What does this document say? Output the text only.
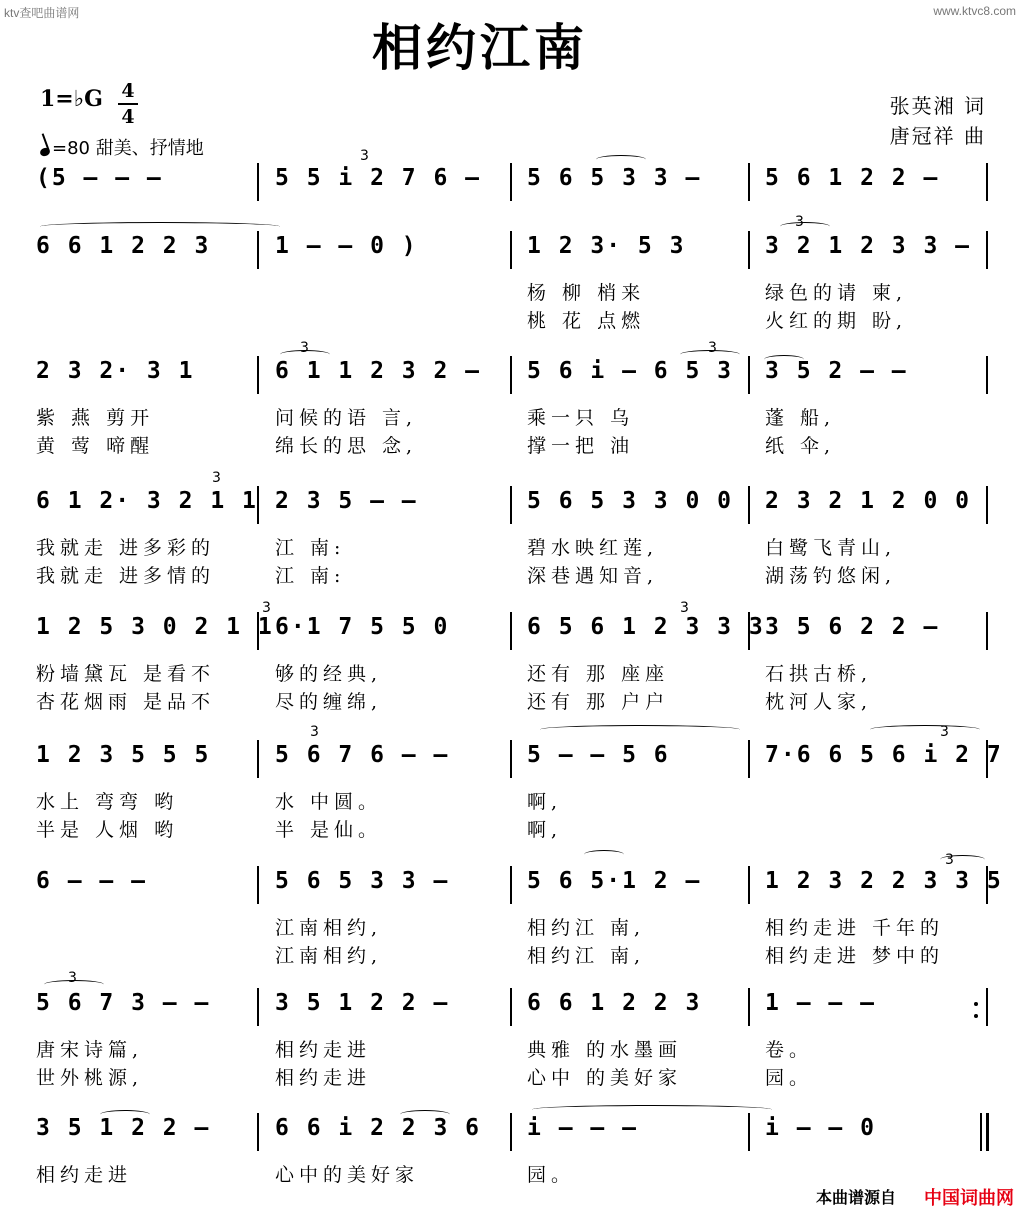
ktv查吧曲谱网	www.ktvc8.com
相约江南
1=♭G 4
4
=80 甜美、抒情地
张英湘 词
唐冠祥 曲
(5 – – –	5 5 i 2 7 6 – 5 6 5 3 3 –	5 6 1 2 2 –
6 6 1 2 2 3	1 – – 0 )	1 2 3· 5 3	3 2 1 2 3 3 –
杨 柳 梢来	绿色的请 柬,
桃 花 点燃	火红的期 盼,
2 3 2· 3 1	6 1 1 2 3 2 – 5 6 i – 6 5 3 3 5 2 – –
紫 燕 剪开	问候的语 言,	乘一只 乌	蓬 船,
黄 莺 啼醒	绵长的思 念,	撑一把 油	纸 伞,
6 1 2· 3 2 1 1 2 3 5 – –	5 6 5 3 3 0 0 2 3 2 1 2 0 0
我就走 进多彩的	江 南:	碧水映红莲,	白鹭飞青山,
我就走 进多情的	江 南:	深巷遇知音,	湖荡钓悠闲,
1 2 5 3 0 2 1 1 6·1 7 5 5 0	6 5 6 1 2 3 3 3 3 5 6 2 2 –
粉墙黛瓦 是看不	够的经典,	还有 那 座座	石拱古桥,
杏花烟雨 是品不	尽的缠绵,	还有 那 户户	枕河人家,
1 2 3 5 5 5	5 6 7 6 – –	5 – – 5 6	7·6 6 5 6 i 2 7
水上 弯弯 哟	水 中圆。	啊,
半是 人烟 哟	半 是仙。	啊,
6 – – –	5 6 5 3 3 –	5 6 5·1 2 –	1 2 3 2 2 3 3 5
江南相约,	相约江 南,	相约走进 千年的
江南相约,	相约江 南,	相约走进 梦中的
5 6 7 3 – –	3 5 1 2 2 –	6 6 1 2 2 3	1 – – –
唐宋诗篇,	相约走进	典雅 的水墨画	卷。
世外桃源,	相约走进	心中 的美好家	园。
3 5 1 2 2 –	6 6 i 2 2 3 6 i – – –	i – – 0
相约走进	心中的美好家	园。
3
3
3	3
3
3	3
3	3
3
3
本曲谱源自 中国词曲网
